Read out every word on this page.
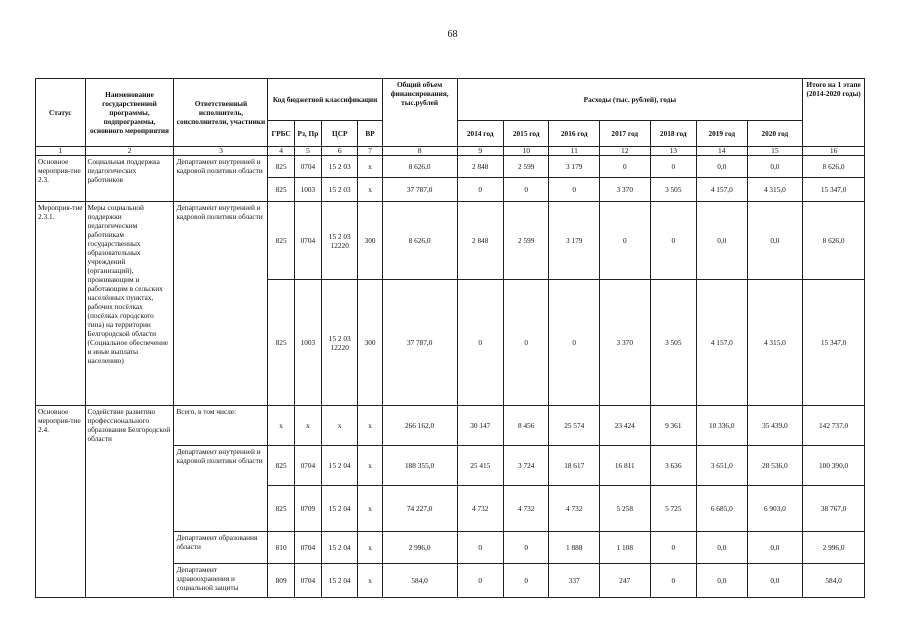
68
Статус	Наименование государственной программы, подпрограммы, основного мероприятия	Ответственный исполнитель, соисполнители, участники	Код бюджетной классификации				Общий объем финансирования, тыс.рублей	Расходы (тыс. рублей), годы							Итого на 1 этапе (2014-2020 годы)
			ГРБС	Рз, Пр	ЦСР	ВР		2014 год	2015 год	2016 год	2017 год	2018 год	2019 год	2020 год	
1	2	3	4	5	6	7	8	9	10	11	12	13	14	15	16
Основное мероприя-тие 2.3.	Социальная поддержка педагогических работников	Департамент внутренней и кадровой политики области	825	0704	15 2 03	х	8 626,0	2 848	2 599	3 179	0	0	0,0	0,0	8 626,0
			825	1003	15 2 03	х	37 787,0	0	0	0	3 370	3 505	4 157,0	4 315,0	15 347,0
Мероприя-тие 2.3.1.	Меры социальной поддержки педагогическим работникам государственных образовательных учреждений (организаций), проживающим и работающим в сельских населённых пунктах, рабочих посёлках (посёлках городского типа) на территории Белгородской области (Социальное обеспечение и иные выплаты населению)	Департамент внутренней и кадровой политики области	825	0704	15 2 03 12220	300	8 626,0	2 848	2 599	3 179	0	0	0,0	0,0	8 626,0
			825	1003	15 2 03 12220	300	37 787,0	0	0	0	3 370	3 505	4 157,0	4 315,0	15 347,0
Основное мероприя-тие 2.4.	Содействие развитию профессионального образования Белгородской области	Всего, в том числе:	х	х	х	х	266 162,0	30 147	8 456	25 574	23 424	9 361	10 336,0	35 439,0	142 737,0
		Департамент внутренней и кадровой политики области	825	0704	15 2 04	х	188 355,0	25 415	3 724	18 617	16 811	3 636	3 651,0	28 536,0	100 390,0
			825	0709	15 2 04	х	74 227,0	4 732	4 732	4 732	5 258	5 725	6 685,0	6 903,0	38 767,0
		Департамент образования области	810	0704	15 2 04	х	2 996,0	0	0	1 888	1 108	0	0,0	0,0	2 996,0
		Департамент здравоохранения и социальной защиты	809	0704	15 2 04	х	584,0	0	0	337	247	0	0,0	0,0	584,0
